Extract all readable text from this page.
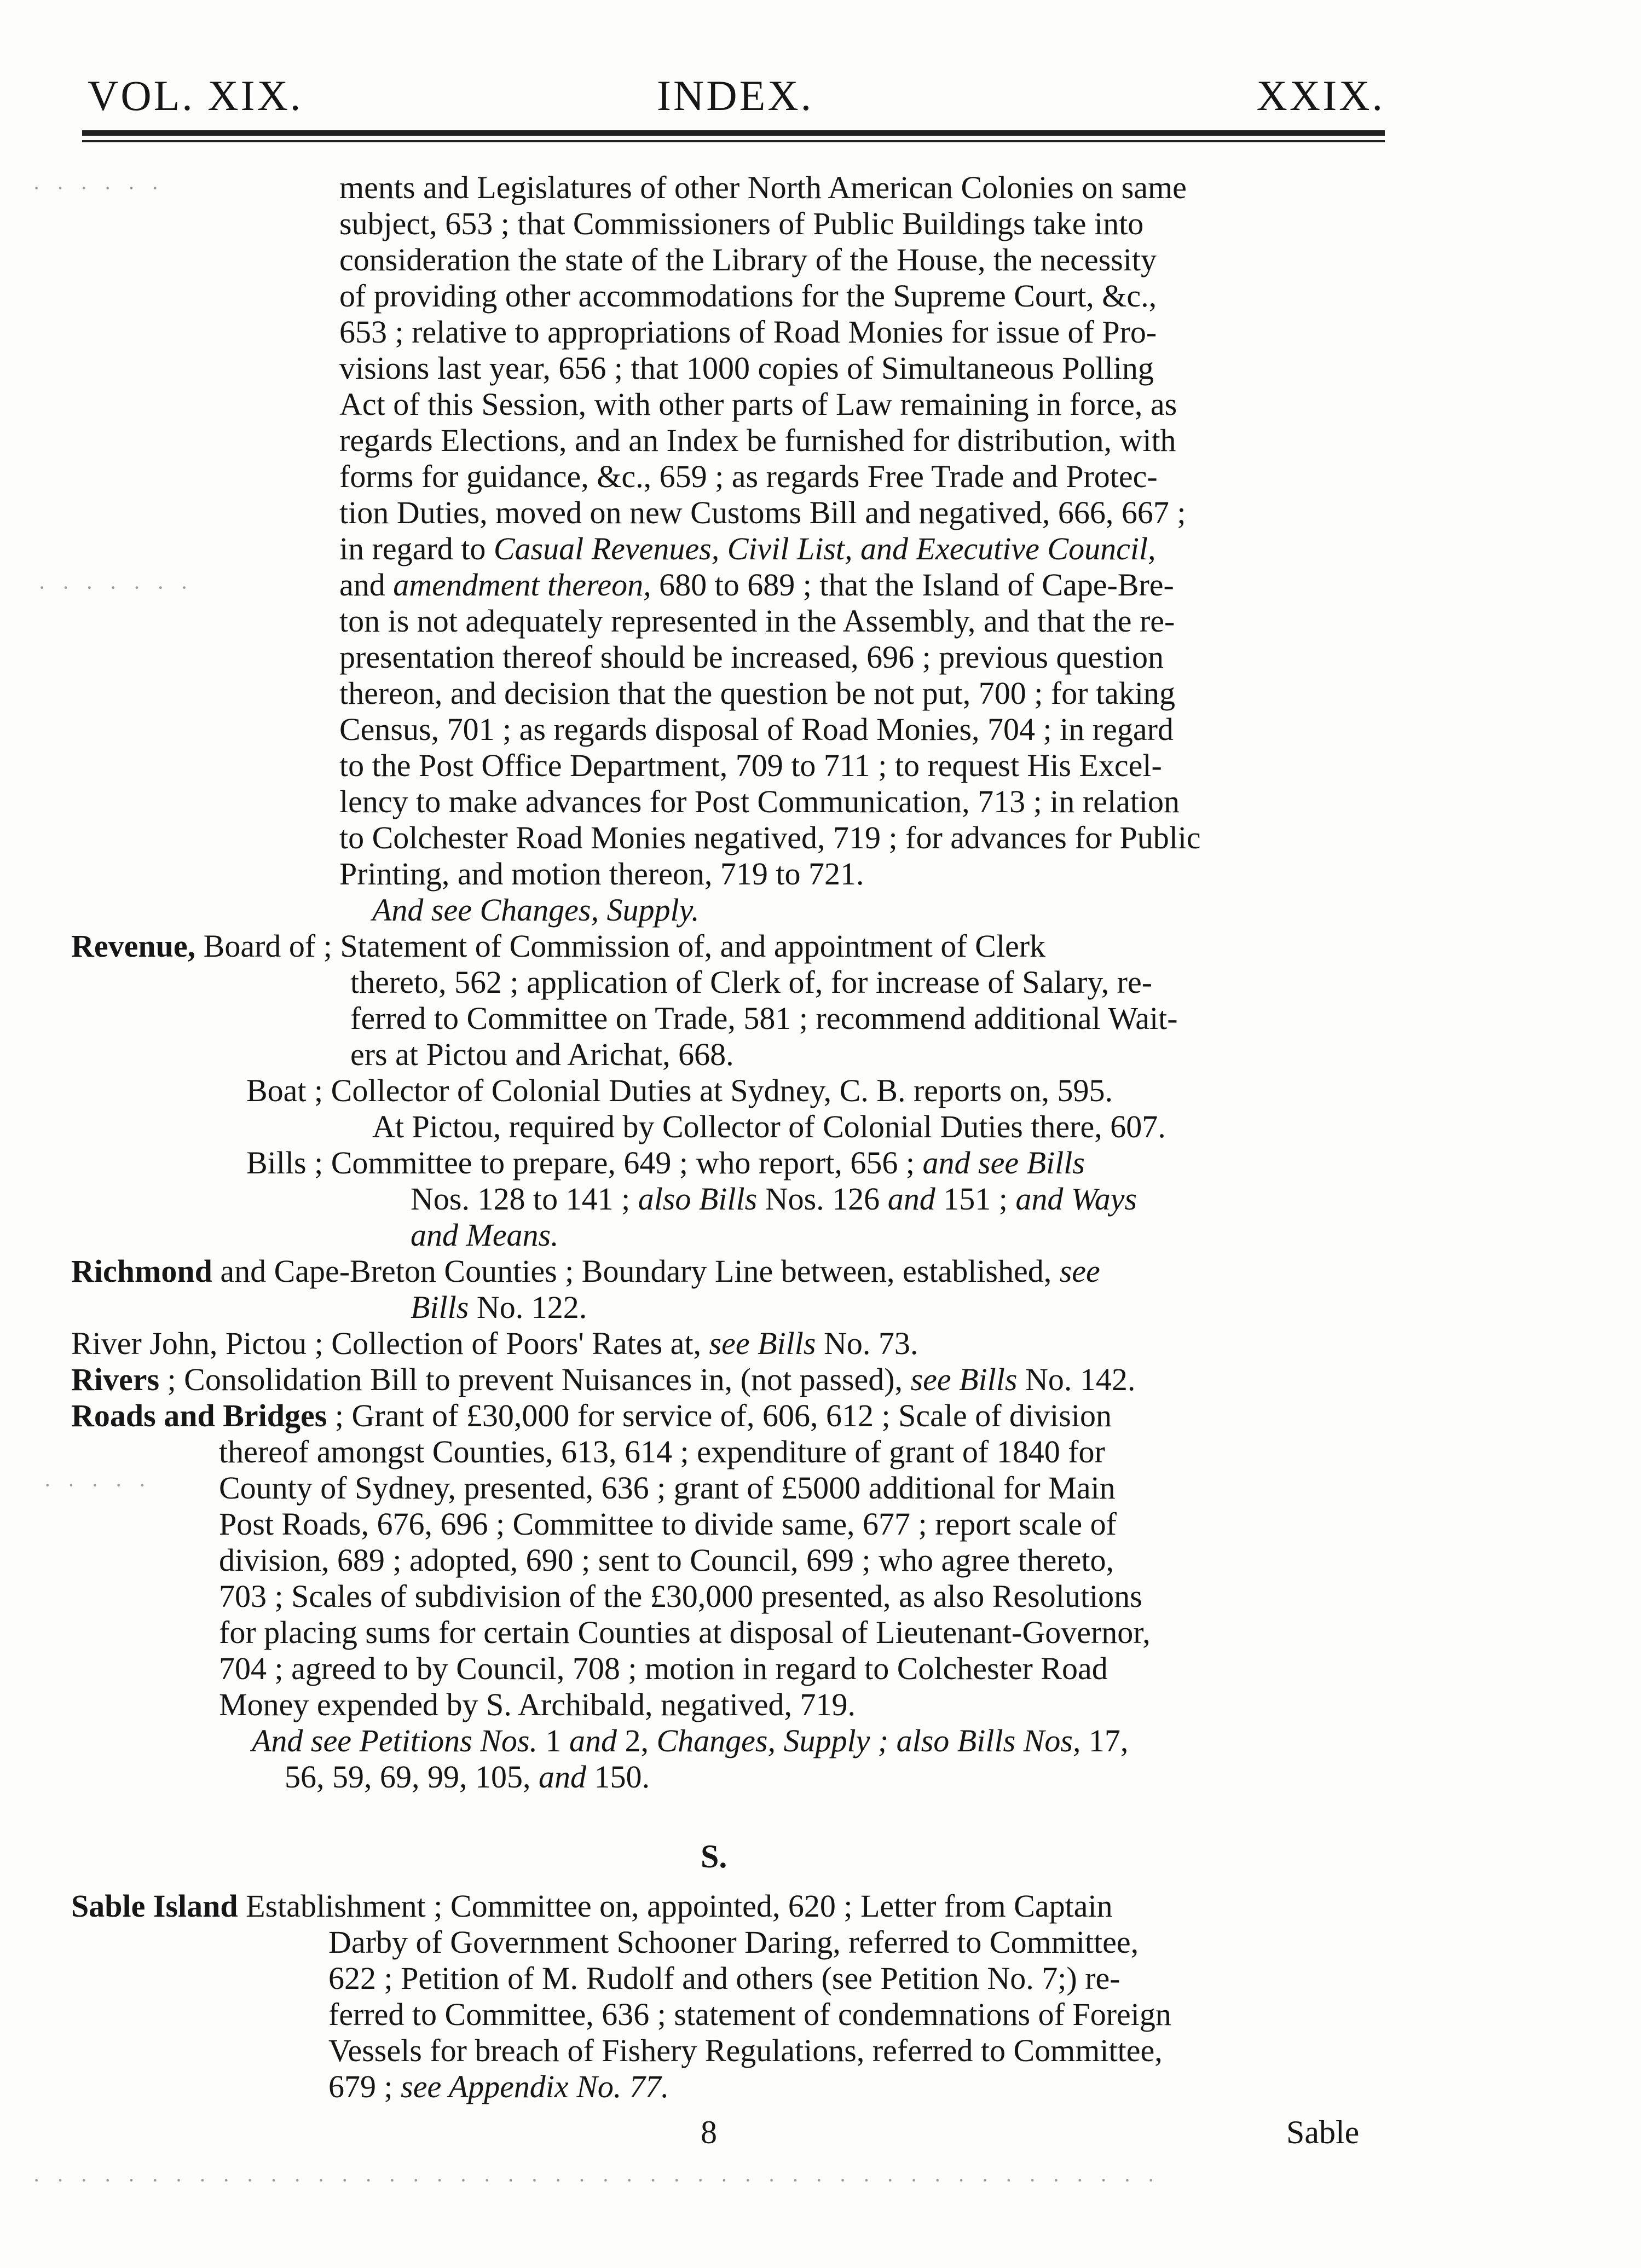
VOL. XIX.	INDEX.	XXIX.
ments and Legislatures of other North American Colonies on same
subject, 653 ; that Commissioners of Public Buildings take into
consideration the state of the Library of the House, the necessity
of providing other accommodations for the Supreme Court, &c.,
653 ; relative to appropriations of Road Monies for issue of Pro-
visions last year, 656 ; that 1000 copies of Simultaneous Polling
Act of this Session, with other parts of Law remaining in force, as
regards Elections, and an Index be furnished for distribution, with
forms for guidance, &c., 659 ; as regards Free Trade and Protec-
tion Duties, moved on new Customs Bill and negatived, 666, 667 ;
in regard to Casual Revenues, Civil List, and Executive Council,
and amendment thereon, 680 to 689 ; that the Island of Cape-Bre-
ton is not adequately represented in the Assembly, and that the re-
presentation thereof should be increased, 696 ; previous question
thereon, and decision that the question be not put, 700 ; for taking
Census, 701 ; as regards disposal of Road Monies, 704 ; in regard
to the Post Office Department, 709 to 711 ; to request His Excel-
lency to make advances for Post Communication, 713 ; in relation
to Colchester Road Monies negatived, 719 ; for advances for Public
Printing, and motion thereon, 719 to 721.
And see Changes, Supply.
Revenue, Board of ; Statement of Commission of, and appointment of Clerk
thereto, 562 ; application of Clerk of, for increase of Salary, re-
ferred to Committee on Trade, 581 ; recommend additional Wait-
ers at Pictou and Arichat, 668.
Boat ; Collector of Colonial Duties at Sydney, C. B. reports on, 595.
At Pictou, required by Collector of Colonial Duties there, 607.
Bills ; Committee to prepare, 649 ; who report, 656 ; and see Bills
Nos. 128 to 141 ; also Bills Nos. 126 and 151 ; and Ways
and Means.
Richmond and Cape-Breton Counties ; Boundary Line between, established, see
Bills No. 122.
River John, Pictou ; Collection of Poors' Rates at, see Bills No. 73.
Rivers ; Consolidation Bill to prevent Nuisances in, (not passed), see Bills No. 142.
Roads and Bridges ; Grant of £30,000 for service of, 606, 612 ; Scale of division
thereof amongst Counties, 613, 614 ; expenditure of grant of 1840 for
County of Sydney, presented, 636 ; grant of £5000 additional for Main
Post Roads, 676, 696 ; Committee to divide same, 677 ; report scale of
division, 689 ; adopted, 690 ; sent to Council, 699 ; who agree thereto,
703 ; Scales of subdivision of the £30,000 presented, as also Resolutions
for placing sums for certain Counties at disposal of Lieutenant-Governor,
704 ; agreed to by Council, 708 ; motion in regard to Colchester Road
Money expended by S. Archibald, negatived, 719.
And see Petitions Nos. 1 and 2, Changes, Supply ; also Bills Nos, 17,
56, 59, 69, 99, 105, and 150.
S.
Sable Island Establishment ; Committee on, appointed, 620 ; Letter from Captain
Darby of Government Schooner Daring, referred to Committee,
622 ; Petition of M. Rudolf and others (see Petition No. 7;) re-
ferred to Committee, 636 ; statement of condemnations of Foreign
Vessels for breach of Fishery Regulations, referred to Committee,
679 ; see Appendix No. 77.
8	Sable
· · · · · ·
· · · · · · ·
· · · · ·
· · · · · · · · · · · · · · · · · · · · · · · · · · · · · · · · · · · · · · · · · · · · · · · ·
